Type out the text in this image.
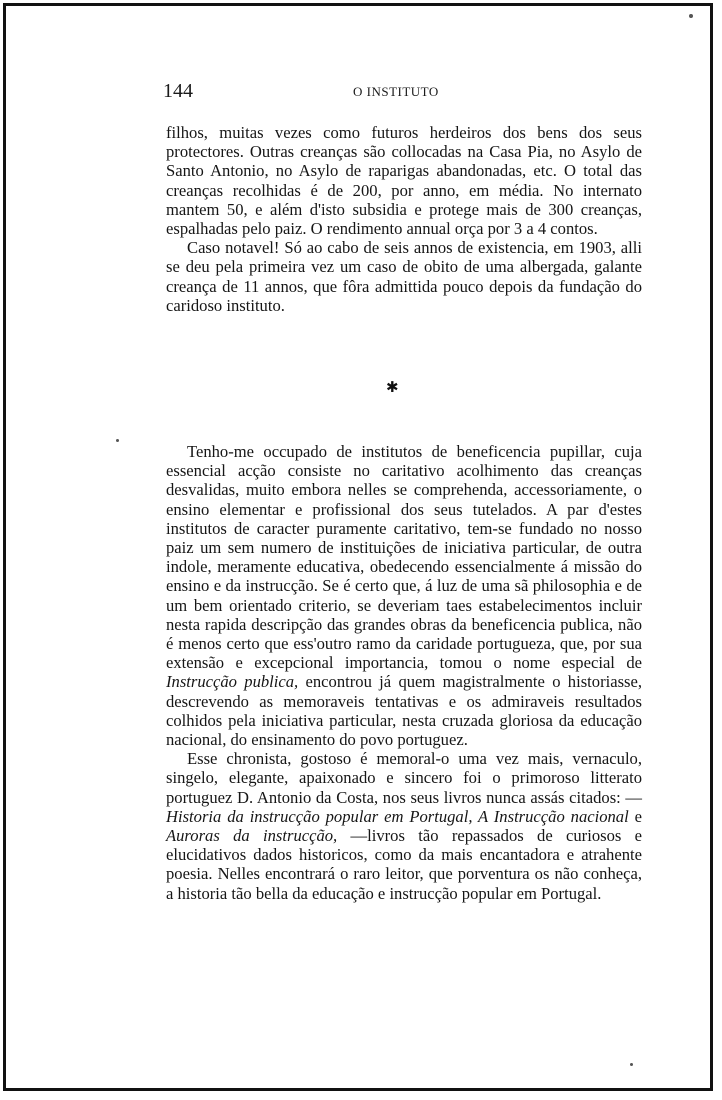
144	O INSTITUTO

filhos, muitas vezes como futuros herdeiros dos bens dos seus protectores. Outras creanças são collocadas na Casa Pia, no Asylo de Santo Antonio, no Asylo de raparigas abandonadas, etc. O total das creanças recolhidas é de 200, por anno, em média. No internato mantem 50, e além d'isto subsidia e protege mais de 300 creanças, espalhadas pelo paiz. O rendimento annual orça por 3 a 4 contos.

Caso notavel! Só ao cabo de seis annos de existencia, em 1903, alli se deu pela primeira vez um caso de obito de uma albergada, galante creança de 11 annos, que fôra admittida pouco depois da fundação do caridoso instituto.

✱

Tenho-me occupado de institutos de beneficencia pupillar, cuja essencial acção consiste no caritativo acolhimento das creanças desvalidas, muito embora nelles se comprehenda, accessoriamente, o ensino elementar e profissional dos seus tutelados. A par d'estes institutos de caracter puramente caritativo, tem-se fundado no nosso paiz um sem numero de instituições de iniciativa particular, de outra indole, meramente educativa, obedecendo essencialmente á missão do ensino e da instrucção. Se é certo que, á luz de uma sã philosophia e de um bem orientado criterio, se deveriam taes estabelecimentos incluir nesta rapida descripção das grandes obras da beneficencia publica, não é menos certo que ess'outro ramo da caridade portugueza, que, por sua extensão e excepcional importancia, tomou o nome especial de Instrucção publica, encontrou já quem magistralmente o historiasse, descrevendo as memoraveis tentativas e os admiraveis resultados colhidos pela iniciativa particular, nesta cruzada gloriosa da educação nacional, do ensinamento do povo portuguez.

Esse chronista, gostoso é memoral-o uma vez mais, vernaculo, singelo, elegante, apaixonado e sincero foi o primoroso litterato portuguez D. Antonio da Costa, nos seus livros nunca assás citados: —Historia da instrucção popular em Portugal, A Instrucção nacional e Auroras da instrucção, —livros tão repassados de curiosos e elucidativos dados historicos, como da mais encantadora e atrahente poesia. Nelles encontrará o raro leitor, que porventura os não conheça, a historia tão bella da educação e instrucção popular em Portugal.
